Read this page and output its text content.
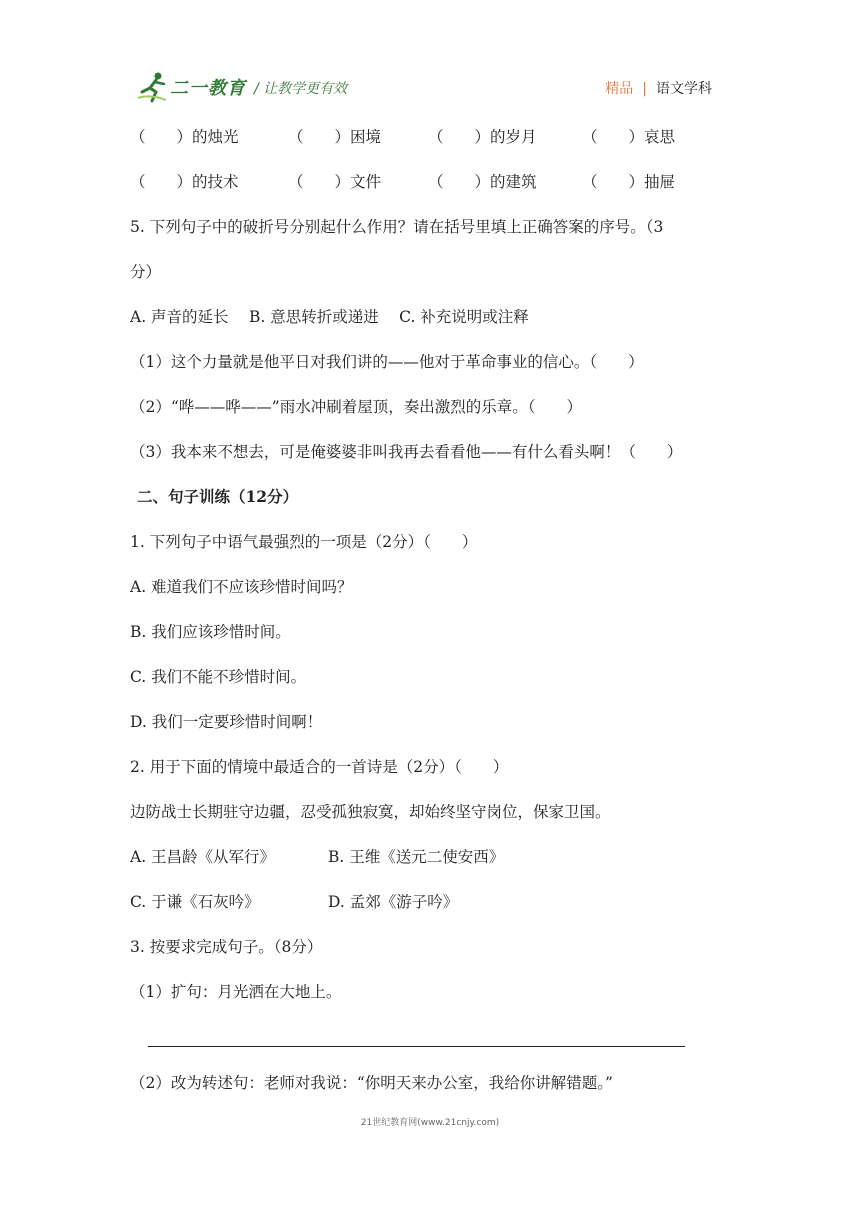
二一教育 / 让教学更有效	精品 | 语文学科
（　　）的烛光	（　　）困境	（　　）的岁月	（　　）哀思
（　　）的技术	（　　）文件	（　　）的建筑	（　　）抽屉
5. 下列句子中的破折号分别起什么作用？请在括号里填上正确答案的序号。（3
分）
A. 声音的延长　 B. 意思转折或递进　 C. 补充说明或注释
（1）这个力量就是他平日对我们讲的——他对于革命事业的信心。（　　）
（2）“哗——哗——”雨水冲刷着屋顶，奏出激烈的乐章。（　　）
（3）我本来不想去，可是俺婆婆非叫我再去看看他——有什么看头啊！（　　）
二、句子训练（12分）
1. 下列句子中语气最强烈的一项是（2分）（　　）
A. 难道我们不应该珍惜时间吗？
B. 我们应该珍惜时间。
C. 我们不能不珍惜时间。
D. 我们一定要珍惜时间啊！
2. 用于下面的情境中最适合的一首诗是（2分）（　　）
边防战士长期驻守边疆，忍受孤独寂寞，却始终坚守岗位，保家卫国。
A. 王昌龄《从军行》	B. 王维《送元二使安西》
C. 于谦《石灰吟》	D. 孟郊《游子吟》
3. 按要求完成句子。（8分）
（1）扩句：月光洒在大地上。
（2）改为转述句：老师对我说：“你明天来办公室，我给你讲解错题。”
21世纪教育网(www.21cnjy.com)
